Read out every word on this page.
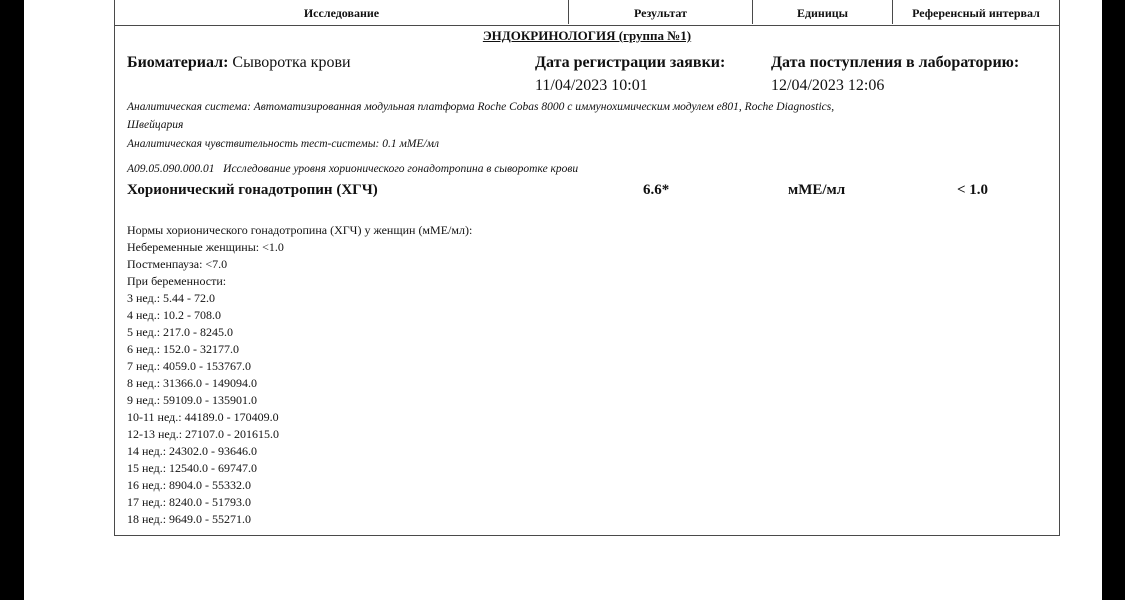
Исследование	Результат	Единицы	Референсный интервал
ЭНДОКРИНОЛОГИЯ (группа №1)
Биоматериал: Сыворотка крови	Дата регистрации заявки:
11/04/2023 10:01
Дата поступления в лабораторию:
12/04/2023 12:06
Аналитическая система: Автоматизированная модульная платформа Roche Cobas 8000 с иммунохимическим модулем e801, Roche Diagnostics,
Швейцария
Аналитическая чувствительность тест-системы: 0.1 мМЕ/мл
A09.05.090.000.01   Исследование уровня хорионического гонадотропина в сыворотке крови
Хорионический гонадотропин (ХГЧ)	6.6*	мМЕ/мл	< 1.0
Нормы хорионического гонадотропина (ХГЧ) у женщин (мМЕ/мл):
Небеременные женщины: <1.0
Постменпауза: <7.0
При беременности:
3 нед.: 5.44 - 72.0
4 нед.: 10.2 - 708.0
5 нед.: 217.0 - 8245.0
6 нед.: 152.0 - 32177.0
7 нед.: 4059.0 - 153767.0
8 нед.: 31366.0 - 149094.0
9 нед.: 59109.0 - 135901.0
10-11 нед.: 44189.0 - 170409.0
12-13 нед.: 27107.0 - 201615.0
14 нед.: 24302.0 - 93646.0
15 нед.: 12540.0 - 69747.0
16 нед.: 8904.0 - 55332.0
17 нед.: 8240.0 - 51793.0
18 нед.: 9649.0 - 55271.0
